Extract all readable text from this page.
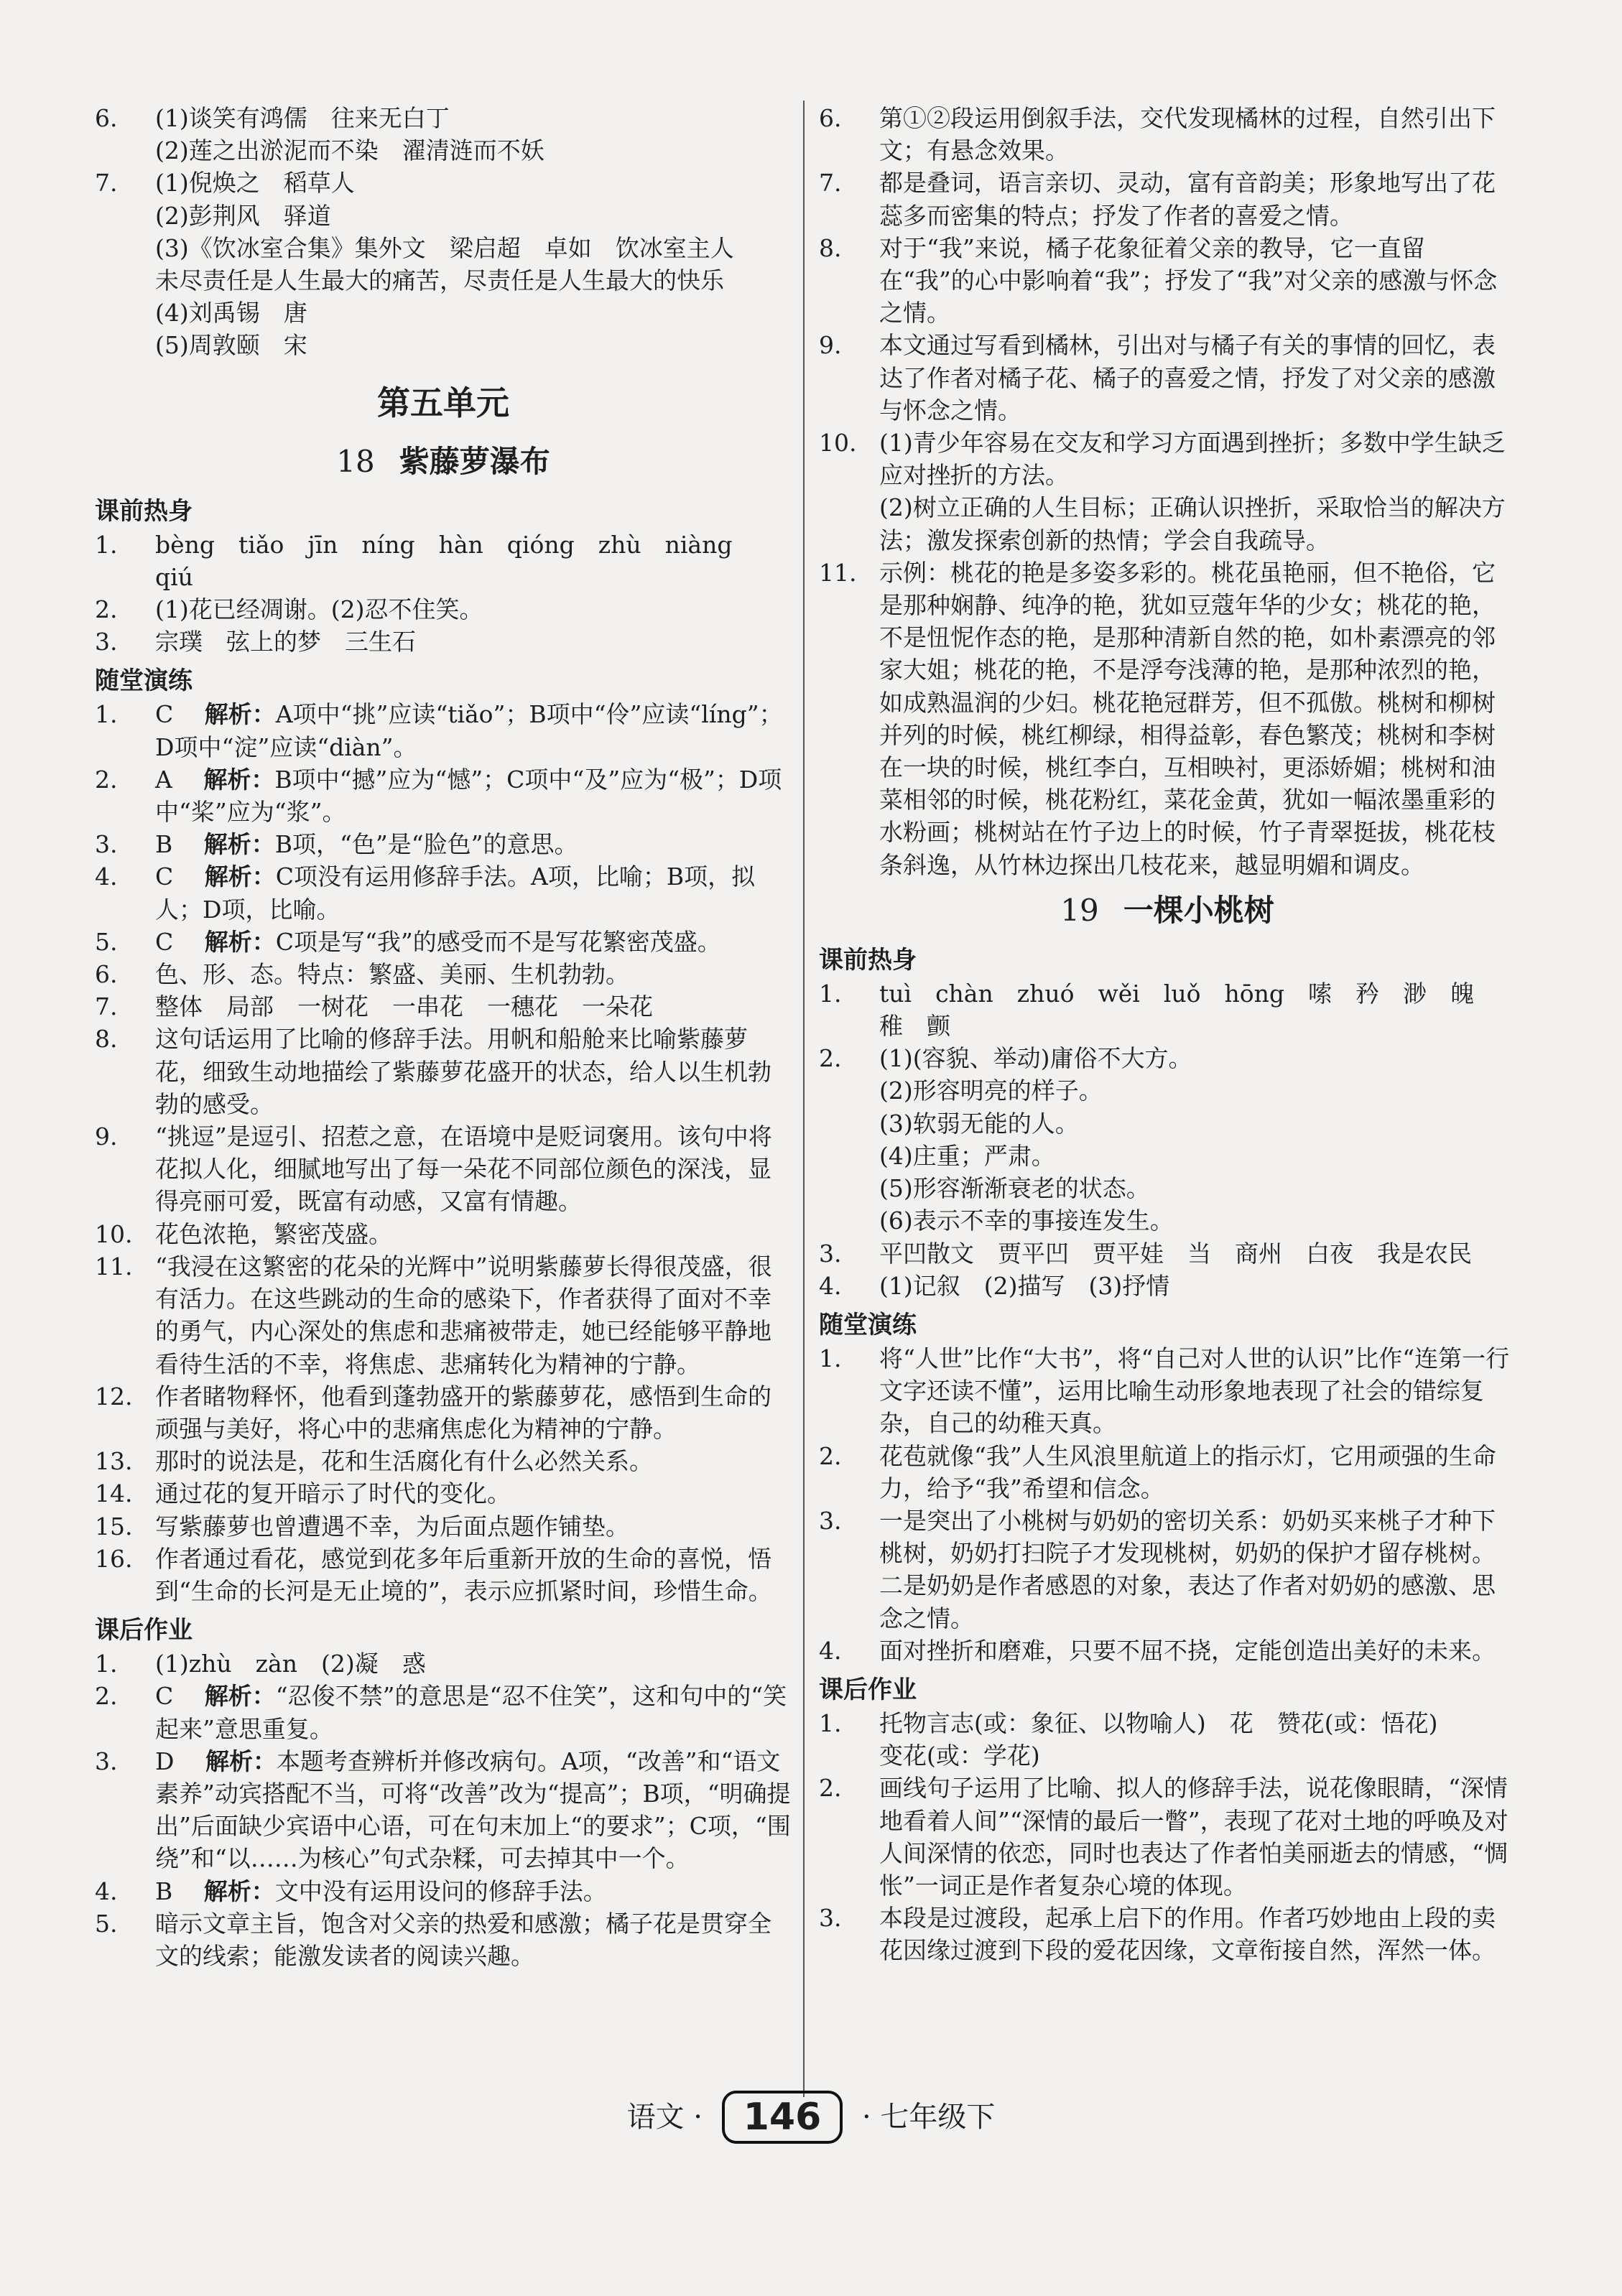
6.	(1)谈笑有鸿儒　往来无白丁
(2)莲之出淤泥而不染　濯清涟而不妖
7.	(1)倪焕之　稻草人
(2)彭荆风　驿道
(3)《饮冰室合集》集外文　梁启超　卓如　饮冰室主人
未尽责任是人生最大的痛苦，尽责任是人生最大的快乐
(4)刘禹锡　唐
(5)周敦颐　宋
第五单元
18 紫藤萝瀑布
课前热身
1.	bèng　tiǎo　jīn　níng　hàn　qióng　zhù　niàng　qiú
2.	(1)花已经凋谢。(2)忍不住笑。
3.	宗璞　弦上的梦　三生石
随堂演练
1.	C　 解析：A项中“挑”应读“tiǎo”；B项中“伶”应读“líng”；D项中“淀”应读“diàn”。
2.	A　 解析：B项中“撼”应为“憾”；C项中“及”应为“极”；D项中“桨”应为“浆”。
3.	B　 解析：B项，“色”是“脸色”的意思。
4.	C　 解析：C项没有运用修辞手法。A项，比喻；B项，拟人；D项，比喻。
5.	C　 解析：C项是写“我”的感受而不是写花繁密茂盛。
6.	色、形、态。特点：繁盛、美丽、生机勃勃。
7.	整体　局部　一树花　一串花　一穗花　一朵花
8.	这句话运用了比喻的修辞手法。用帆和船舱来比喻紫藤萝花，细致生动地描绘了紫藤萝花盛开的状态，给人以生机勃勃的感受。
9.	“挑逗”是逗引、招惹之意，在语境中是贬词褒用。该句中将花拟人化，细腻地写出了每一朵花不同部位颜色的深浅，显得亮丽可爱，既富有动感，又富有情趣。
10. 花色浓艳，繁密茂盛。
11. “我浸在这繁密的花朵的光辉中”说明紫藤萝长得很茂盛，很有活力。在这些跳动的生命的感染下，作者获得了面对不幸的勇气，内心深处的焦虑和悲痛被带走，她已经能够平静地看待生活的不幸，将焦虑、悲痛转化为精神的宁静。
12. 作者睹物释怀，他看到蓬勃盛开的紫藤萝花，感悟到生命的顽强与美好，将心中的悲痛焦虑化为精神的宁静。
13. 那时的说法是，花和生活腐化有什么必然关系。
14. 通过花的复开暗示了时代的变化。
15. 写紫藤萝也曾遭遇不幸，为后面点题作铺垫。
16. 作者通过看花，感觉到花多年后重新开放的生命的喜悦，悟到“生命的长河是无止境的”，表示应抓紧时间，珍惜生命。
课后作业
1.	(1)zhù　zàn　(2)凝　惑
2.	C　 解析：“忍俊不禁”的意思是“忍不住笑”，这和句中的“笑起来”意思重复。
3.	D　 解析：本题考查辨析并修改病句。A项，“改善”和“语文素养”动宾搭配不当，可将“改善”改为“提高”；B项，“明确提出”后面缺少宾语中心语，可在句末加上“的要求”；C项，“围绕”和“以……为核心”句式杂糅，可去掉其中一个。
4.	B　 解析：文中没有运用设问的修辞手法。
5.	暗示文章主旨，饱含对父亲的热爱和感激；橘子花是贯穿全文的线索；能激发读者的阅读兴趣。
6.	第①②段运用倒叙手法，交代发现橘林的过程，自然引出下文；有悬念效果。
7.	都是叠词，语言亲切、灵动，富有音韵美；形象地写出了花蕊多而密集的特点；抒发了作者的喜爱之情。
8.	对于“我”来说，橘子花象征着父亲的教导，它一直留在“我”的心中影响着“我”；抒发了“我”对父亲的感激与怀念之情。
9.	本文通过写看到橘林，引出对与橘子有关的事情的回忆，表达了作者对橘子花、橘子的喜爱之情，抒发了对父亲的感激与怀念之情。
10. (1)青少年容易在交友和学习方面遇到挫折；多数中学生缺乏应对挫折的方法。
(2)树立正确的人生目标；正确认识挫折，采取恰当的解决方法；激发探索创新的热情；学会自我疏导。
11. 示例：桃花的艳是多姿多彩的。桃花虽艳丽，但不艳俗，它是那种娴静、纯净的艳，犹如豆蔻年华的少女；桃花的艳，不是忸怩作态的艳，是那种清新自然的艳，如朴素漂亮的邻家大姐；桃花的艳，不是浮夸浅薄的艳，是那种浓烈的艳，如成熟温润的少妇。桃花艳冠群芳，但不孤傲。桃树和柳树并列的时候，桃红柳绿，相得益彰，春色繁茂；桃树和李树在一块的时候，桃红李白，互相映衬，更添娇媚；桃树和油菜相邻的时候，桃花粉红，菜花金黄，犹如一幅浓墨重彩的水粉画；桃树站在竹子边上的时候，竹子青翠挺拔，桃花枝条斜逸，从竹林边探出几枝花来，越显明媚和调皮。
19 一棵小桃树
课前热身
1.	tuì　chàn　zhuó　wěi　luǒ　hōng　嗦　矜　渺　魄　稚　颤
2.	(1)(容貌、举动)庸俗不大方。
(2)形容明亮的样子。
(3)软弱无能的人。
(4)庄重；严肃。
(5)形容渐渐衰老的状态。
(6)表示不幸的事接连发生。
3.	平凹散文　贾平凹　贾平娃　当　商州　白夜　我是农民
4.	(1)记叙　(2)描写　(3)抒情
随堂演练
1.	将“人世”比作“大书”，将“自己对人世的认识”比作“连第一行文字还读不懂”，运用比喻生动形象地表现了社会的错综复杂，自己的幼稚天真。
2.	花苞就像“我”人生风浪里航道上的指示灯，它用顽强的生命力，给予“我”希望和信念。
3.	一是突出了小桃树与奶奶的密切关系：奶奶买来桃子才种下桃树，奶奶打扫院子才发现桃树，奶奶的保护才留存桃树。二是奶奶是作者感恩的对象，表达了作者对奶奶的感激、思念之情。
4.	面对挫折和磨难，只要不屈不挠，定能创造出美好的未来。
课后作业
1.	托物言志(或：象征、以物喻人)　花　赞花(或：悟花)
变花(或：学花)
2.	画线句子运用了比喻、拟人的修辞手法，说花像眼睛，“深情地看着人间”“深情的最后一瞥”，表现了花对土地的呼唤及对人间深情的依恋，同时也表达了作者怕美丽逝去的情感，“惆怅”一词正是作者复杂心境的体现。
3.	本段是过渡段，起承上启下的作用。作者巧妙地由上段的卖花因缘过渡到下段的爱花因缘，文章衔接自然，浑然一体。
语文 · 146 · 七年级下
